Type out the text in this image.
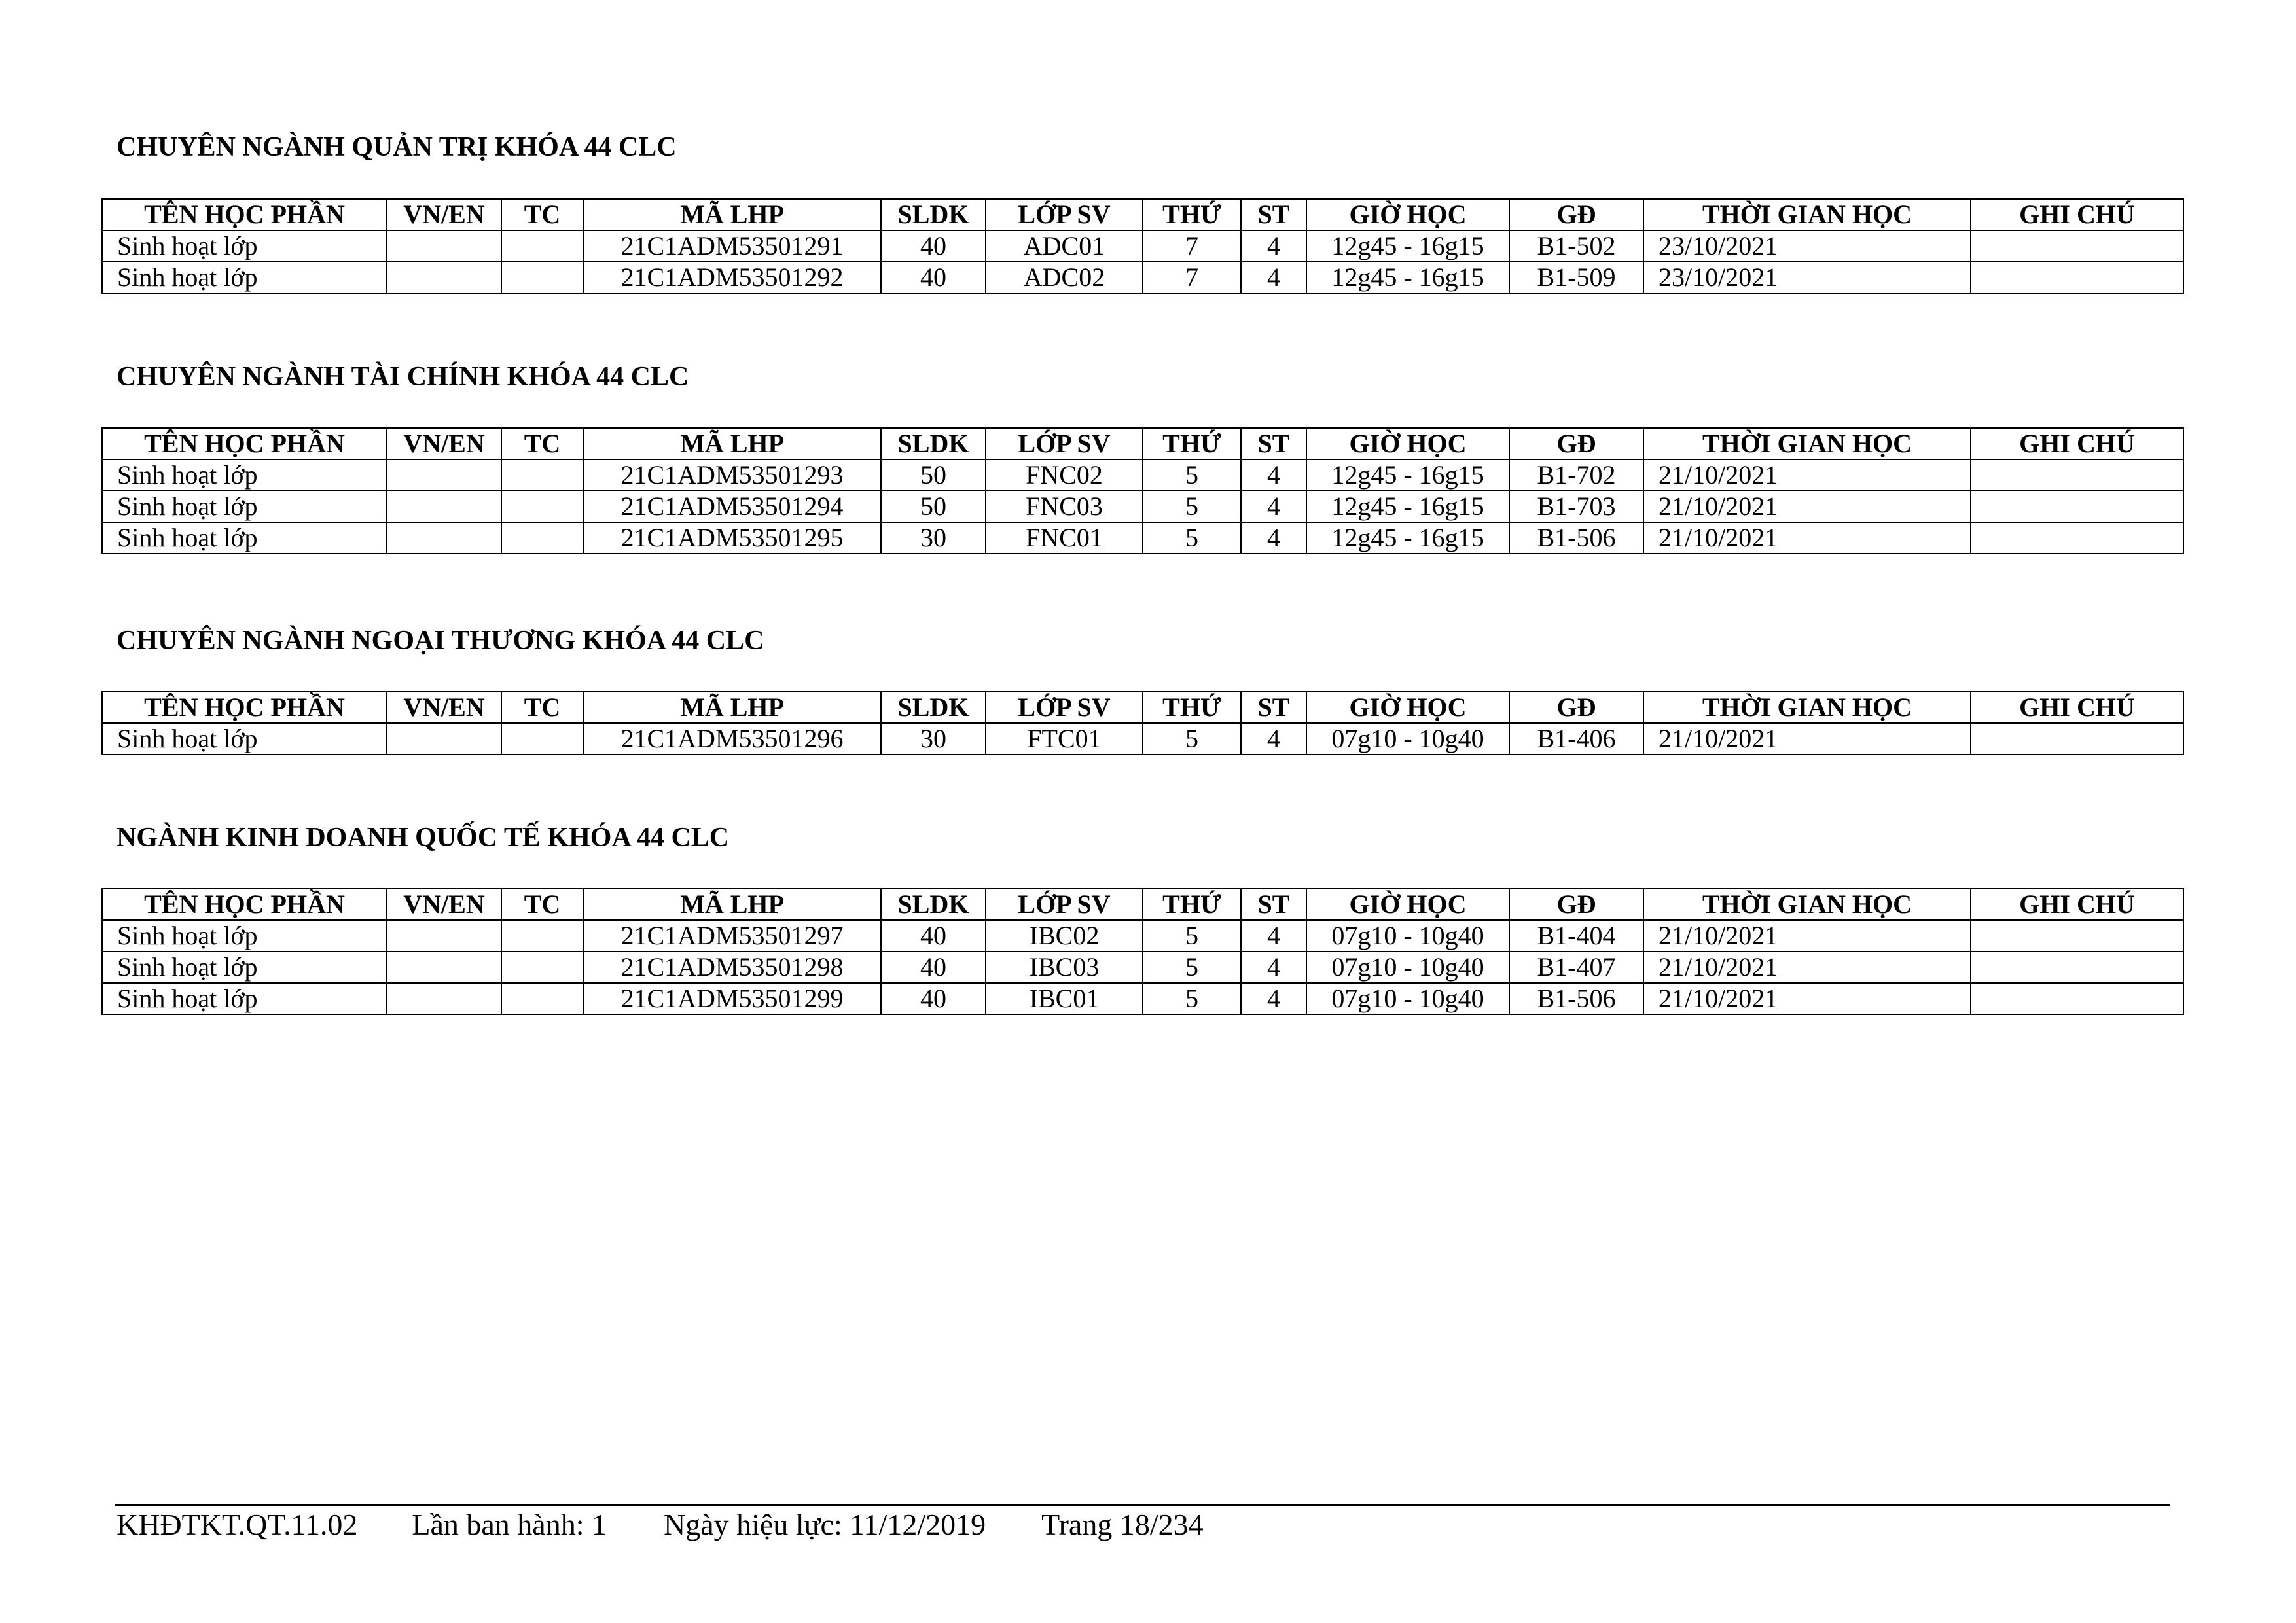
CHUYÊN NGÀNH QUẢN TRỊ KHÓA 44 CLC
TÊN HỌC PHẦN	VN/EN	TC	MÃ LHP	SLDK	LỚP SV	THỨ	ST	GIỜ HỌC	GĐ	THỜI GIAN HỌC	GHI CHÚ
Sinh hoạt lớp			21C1ADM53501291	40	ADC01	7	4	12g45 - 16g15	B1-502	23/10/2021	
Sinh hoạt lớp			21C1ADM53501292	40	ADC02	7	4	12g45 - 16g15	B1-509	23/10/2021	
CHUYÊN NGÀNH TÀI CHÍNH KHÓA 44 CLC
TÊN HỌC PHẦN	VN/EN	TC	MÃ LHP	SLDK	LỚP SV	THỨ	ST	GIỜ HỌC	GĐ	THỜI GIAN HỌC	GHI CHÚ
Sinh hoạt lớp			21C1ADM53501293	50	FNC02	5	4	12g45 - 16g15	B1-702	21/10/2021	
Sinh hoạt lớp			21C1ADM53501294	50	FNC03	5	4	12g45 - 16g15	B1-703	21/10/2021	
Sinh hoạt lớp			21C1ADM53501295	30	FNC01	5	4	12g45 - 16g15	B1-506	21/10/2021	
CHUYÊN NGÀNH NGOẠI THƯƠNG KHÓA 44 CLC
TÊN HỌC PHẦN	VN/EN	TC	MÃ LHP	SLDK	LỚP SV	THỨ	ST	GIỜ HỌC	GĐ	THỜI GIAN HỌC	GHI CHÚ
Sinh hoạt lớp			21C1ADM53501296	30	FTC01	5	4	07g10 - 10g40	B1-406	21/10/2021	
NGÀNH KINH DOANH QUỐC TẾ KHÓA 44 CLC
TÊN HỌC PHẦN	VN/EN	TC	MÃ LHP	SLDK	LỚP SV	THỨ	ST	GIỜ HỌC	GĐ	THỜI GIAN HỌC	GHI CHÚ
Sinh hoạt lớp			21C1ADM53501297	40	IBC02	5	4	07g10 - 10g40	B1-404	21/10/2021	
Sinh hoạt lớp			21C1ADM53501298	40	IBC03	5	4	07g10 - 10g40	B1-407	21/10/2021	
Sinh hoạt lớp			21C1ADM53501299	40	IBC01	5	4	07g10 - 10g40	B1-506	21/10/2021	
KHĐTKT.QT.11.02 Lần ban hành: 1 Ngày hiệu lực: 11/12/2019 Trang 18/234
